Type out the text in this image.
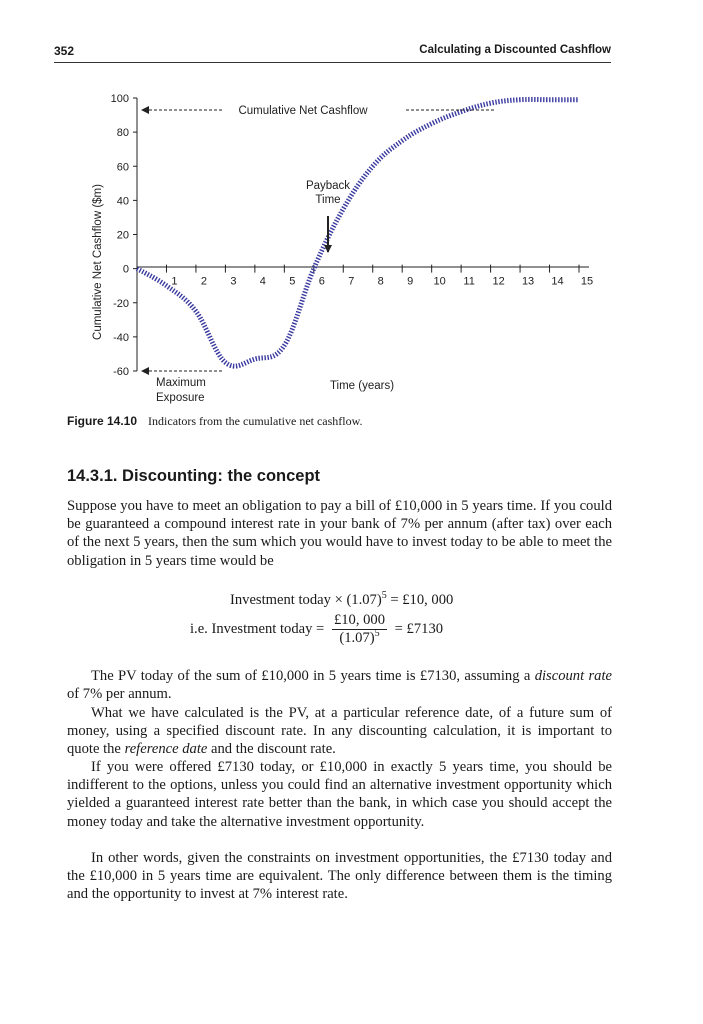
352	Calculating a Discounted Cashflow
Cumulative Net Cashflow ($m)
100
80
60
40
20
0
-20
-40
-60
1 2 3 4 5 6 7 8 9 10 11 12 13 14 15
Cumulative Net Cashflow
Payback
Time
Maximum
Exposure
Time (years)
Figure 14.10 Indicators from the cumulative net cashflow.
14.3.1. Discounting: the concept

Suppose you have to meet an obligation to pay a bill of £10,000 in 5 years time. If you could be guaranteed a compound interest rate in your bank of 7% per annum (after tax) over each of the next 5 years, then the sum which you would have to invest today to be able to meet the obligation in 5 years time would be

Investment today × $(1.07)^5$ = £10, 000
i.e. Investment today = $\frac{£10, 000}{(1.07)^5}$ = £7130

The PV today of the sum of £10,000 in 5 years time is £7130, assuming a discount rate of 7% per annum.

What we have calculated is the PV, at a particular reference date, of a future sum of money, using a specified discount rate. In any discounting calculation, it is important to quote the reference date and the discount rate.

If you were offered £7130 today, or £10,000 in exactly 5 years time, you should be indifferent to the options, unless you could find an alternative investment opportunity which yielded a guaranteed interest rate better than the bank, in which case you should accept the money today and take the alternative investment opportunity.

In other words, given the constraints on investment opportunities, the £7130 today and the £10,000 in 5 years time are equivalent. The only difference between them is the timing and the opportunity to invest at 7% interest rate.
